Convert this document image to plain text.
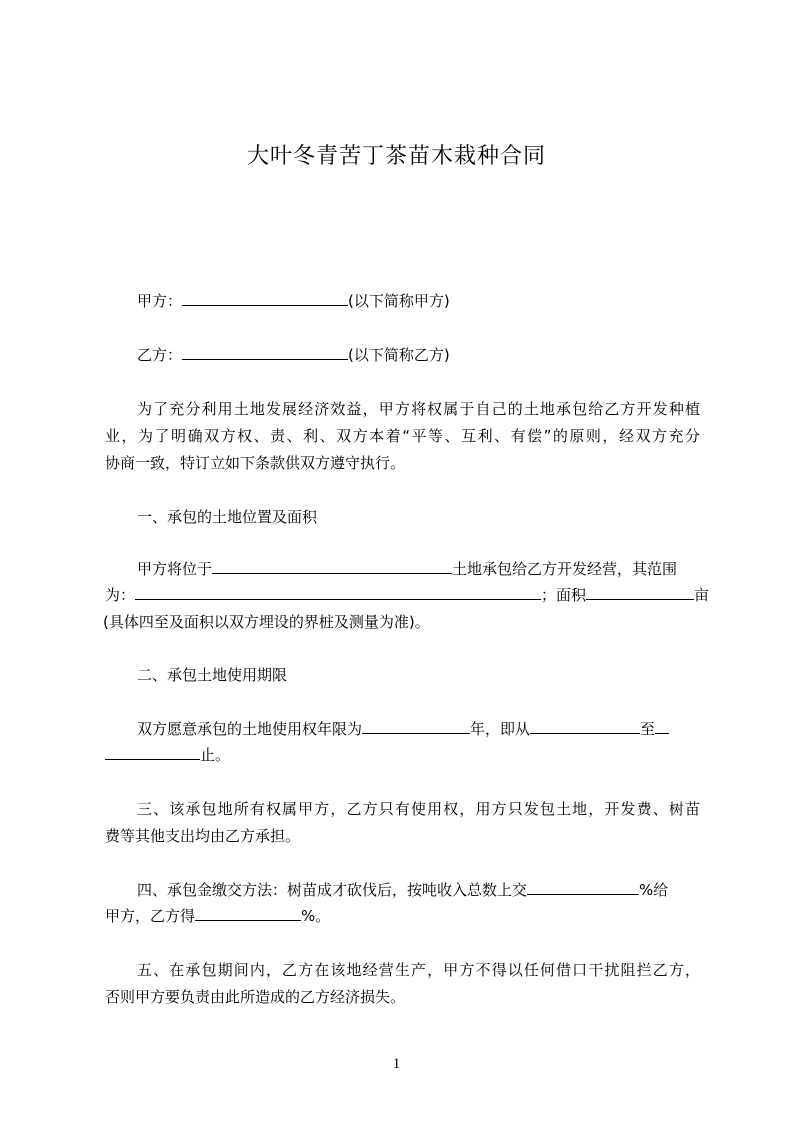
大叶冬青苦丁茶苗木栽种合同
甲方：	(以下简称甲方)
乙方：	(以下简称乙方)
为了充分利用土地发展经济效益，甲方将权属于自己的土地承包给乙方开发种植
业，为了明确双方权、责、利、双方本着“平等、互利、有偿”的原则，经双方充分
协商一致，特订立如下条款供双方遵守执行。
一、承包的土地位置及面积
甲方将位于	土地承包给乙方开发经营，其范围
为：	；面积	亩
(具体四至及面积以双方埋设的界桩及测量为准)。
二、承包土地使用期限
双方愿意承包的土地使用权年限为	年，即从	至
止。
三、该承包地所有权属甲方，乙方只有使用权，用方只发包土地，开发费、树苗
费等其他支出均由乙方承担。
四、承包金缴交方法：树苗成才砍伐后，按吨收入总数上交	%给
甲方，乙方得	%。
五、在承包期间内，乙方在该地经营生产，甲方不得以任何借口干扰阻拦乙方，
否则甲方要负责由此所造成的乙方经济损失。
1
